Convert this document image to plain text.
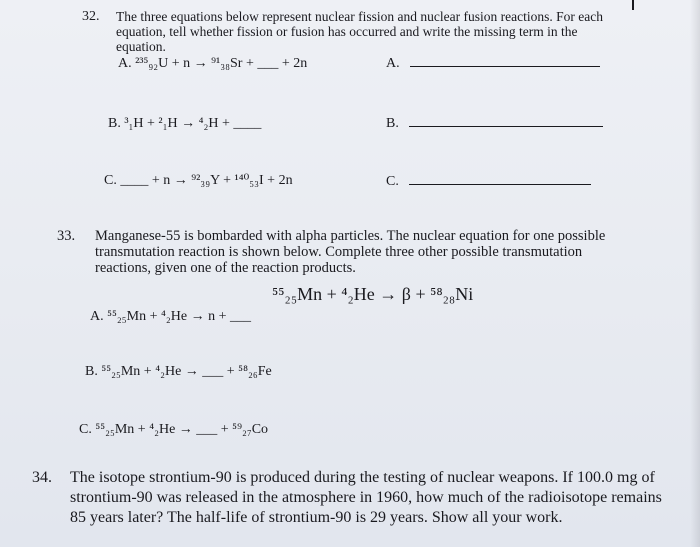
32. The three equations below represent nuclear fission and nuclear fusion reactions. For each
equation, tell whether fission or fusion has occurred and write the missing term in the
equation.
A. ²³⁵₉₂U + n → ⁹¹₃₈Sr + ___ + 2n	A.
B. ³₁H + ²₁H → ⁴₂H + ____	B.
C. ____ + n → ⁹²₃₉Y + ¹⁴⁰₅₃I + 2n	C.
33. Manganese-55 is bombarded with alpha particles. The nuclear equation for one possible
transmutation reaction is shown below. Complete three other possible transmutation
reactions, given one of the reaction products.
⁵⁵₂₅Mn + ⁴₂He → β + ⁵⁸₂₈Ni
A. ⁵⁵₂₅Mn + ⁴₂He → n + ___
B. ⁵⁵₂₅Mn + ⁴₂He → ___ + ⁵⁸₂₆Fe
C. ⁵⁵₂₅Mn + ⁴₂He → ___ + ⁵⁹₂₇Co
34. The isotope strontium-90 is produced during the testing of nuclear weapons. If 100.0 mg of
strontium-90 was released in the atmosphere in 1960, how much of the radioisotope remains
85 years later? The half-life of strontium-90 is 29 years. Show all your work.
